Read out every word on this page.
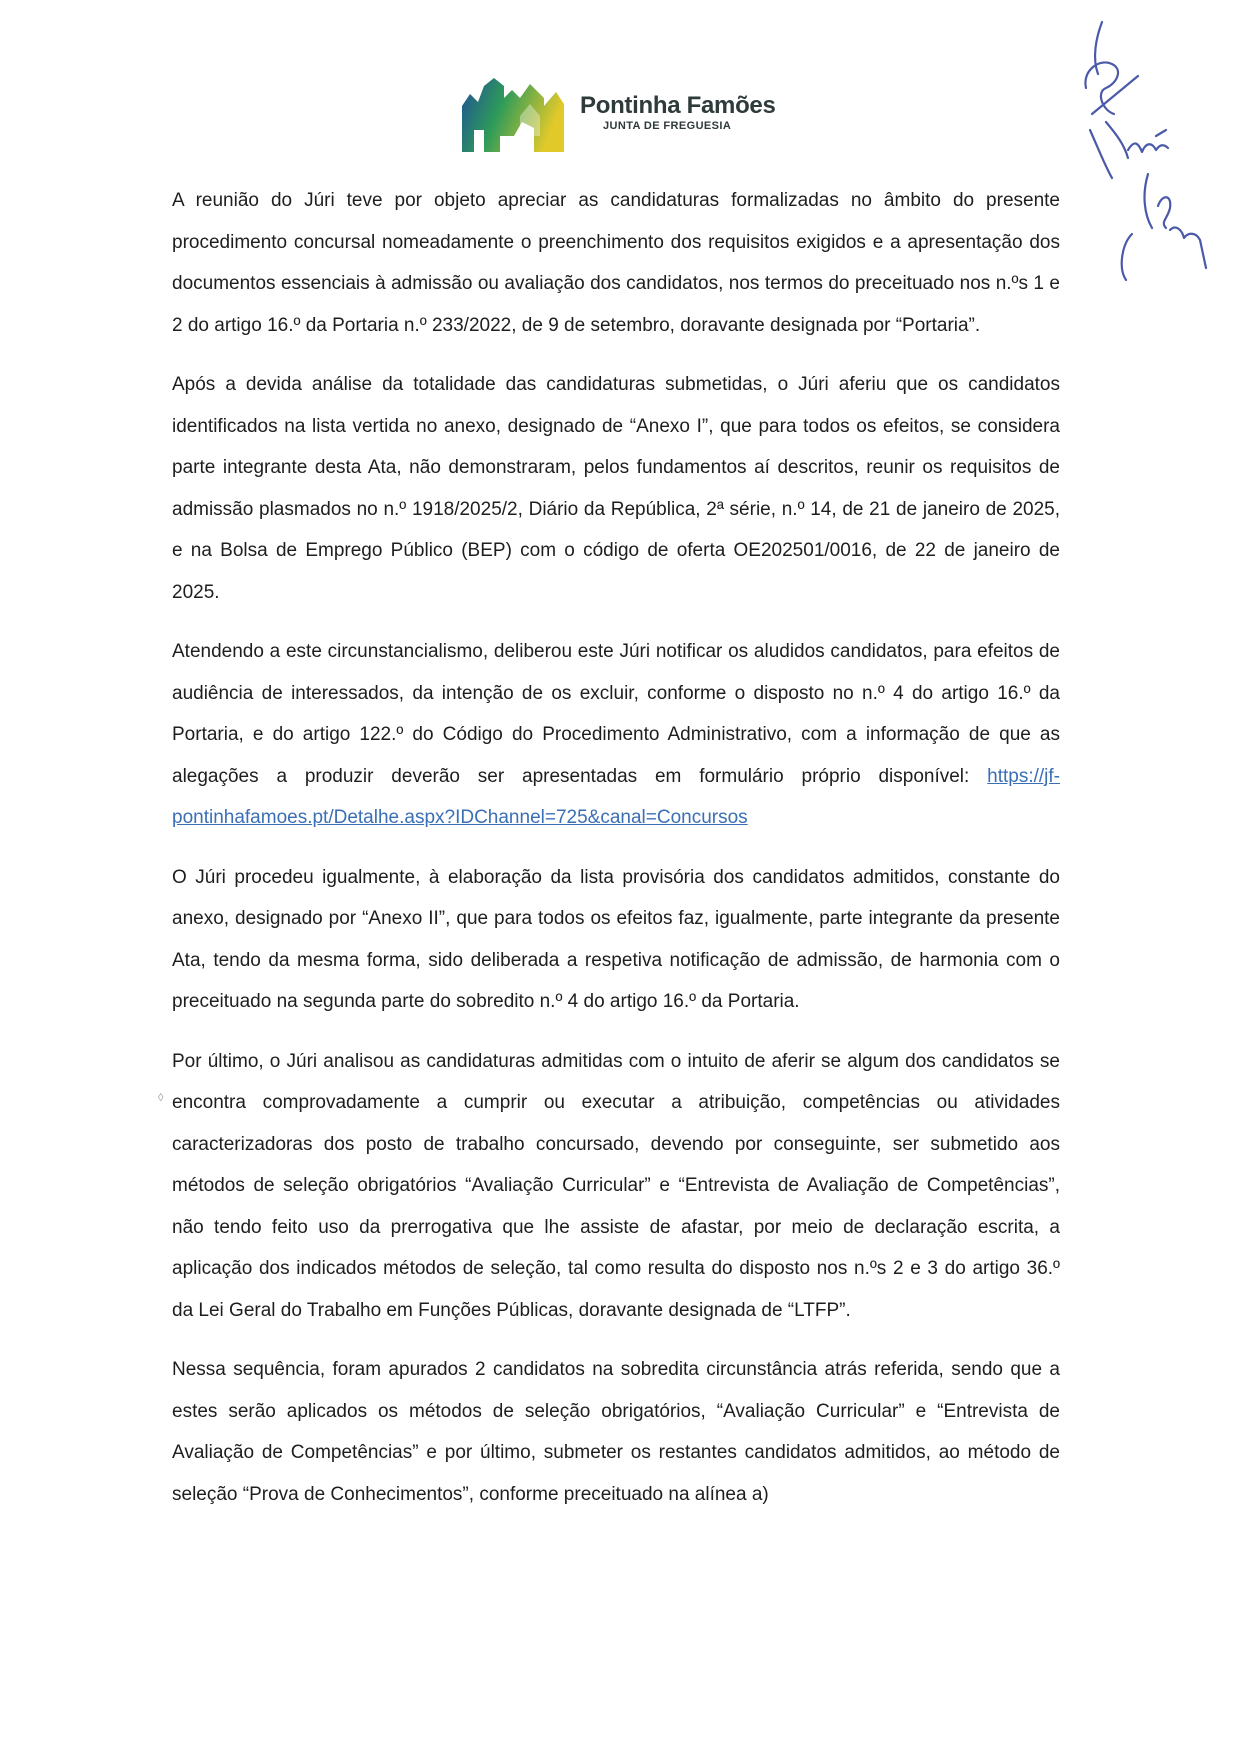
Pontinha Famões
JUNTA DE FREGUESIA
◊

A reunião do Júri teve por objeto apreciar as candidaturas formalizadas no âmbito do presente procedimento concursal nomeadamente o preenchimento dos requisitos exigidos e a apresentação dos documentos essenciais à admissão ou avaliação dos candidatos, nos termos do preceituado nos n.ºs 1 e 2 do artigo 16.º da Portaria n.º 233/2022, de 9 de setembro, doravante designada por “Portaria”.

Após a devida análise da totalidade das candidaturas submetidas, o Júri aferiu que os candidatos identificados na lista vertida no anexo, designado de “Anexo I”, que para todos os efeitos, se considera parte integrante desta Ata, não demonstraram, pelos fundamentos aí descritos, reunir os requisitos de admissão plasmados no n.º 1918/2025/2, Diário da República, 2ª série, n.º 14, de 21 de janeiro de 2025, e na Bolsa de Emprego Público (BEP) com o código de oferta OE202501/0016, de 22 de janeiro de 2025.

Atendendo a este circunstancialismo, deliberou este Júri notificar os aludidos candidatos, para efeitos de audiência de interessados, da intenção de os excluir, conforme o disposto no n.º 4 do artigo 16.º da Portaria, e do artigo 122.º do Código do Procedimento Administrativo, com a informação de que as alegações a produzir deverão ser apresentadas em formulário próprio disponível: https://jf-pontinhafamoes.pt/Detalhe.aspx?IDChannel=725&canal=Concursos

O Júri procedeu igualmente, à elaboração da lista provisória dos candidatos admitidos, constante do anexo, designado por “Anexo II”, que para todos os efeitos faz, igualmente, parte integrante da presente Ata, tendo da mesma forma, sido deliberada a respetiva notificação de admissão, de harmonia com o preceituado na segunda parte do sobredito n.º 4 do artigo 16.º da Portaria.

Por último, o Júri analisou as candidaturas admitidas com o intuito de aferir se algum dos candidatos se encontra comprovadamente a cumprir ou executar a atribuição, competências ou atividades caracterizadoras dos posto de trabalho concursado, devendo por conseguinte, ser submetido aos métodos de seleção obrigatórios “Avaliação Curricular” e “Entrevista de Avaliação de Competências”, não tendo feito uso da prerrogativa que lhe assiste de afastar, por meio de declaração escrita, a aplicação dos indicados métodos de seleção, tal como resulta do disposto nos n.ºs 2 e 3 do artigo 36.º da Lei Geral do Trabalho em Funções Públicas, doravante designada de “LTFP”.

Nessa sequência, foram apurados 2 candidatos na sobredita circunstância atrás referida, sendo que a estes serão aplicados os métodos de seleção obrigatórios, “Avaliação Curricular” e “Entrevista de Avaliação de Competências” e por último, submeter os restantes candidatos admitidos, ao método de seleção “Prova de Conhecimentos”, conforme preceituado na alínea a)
